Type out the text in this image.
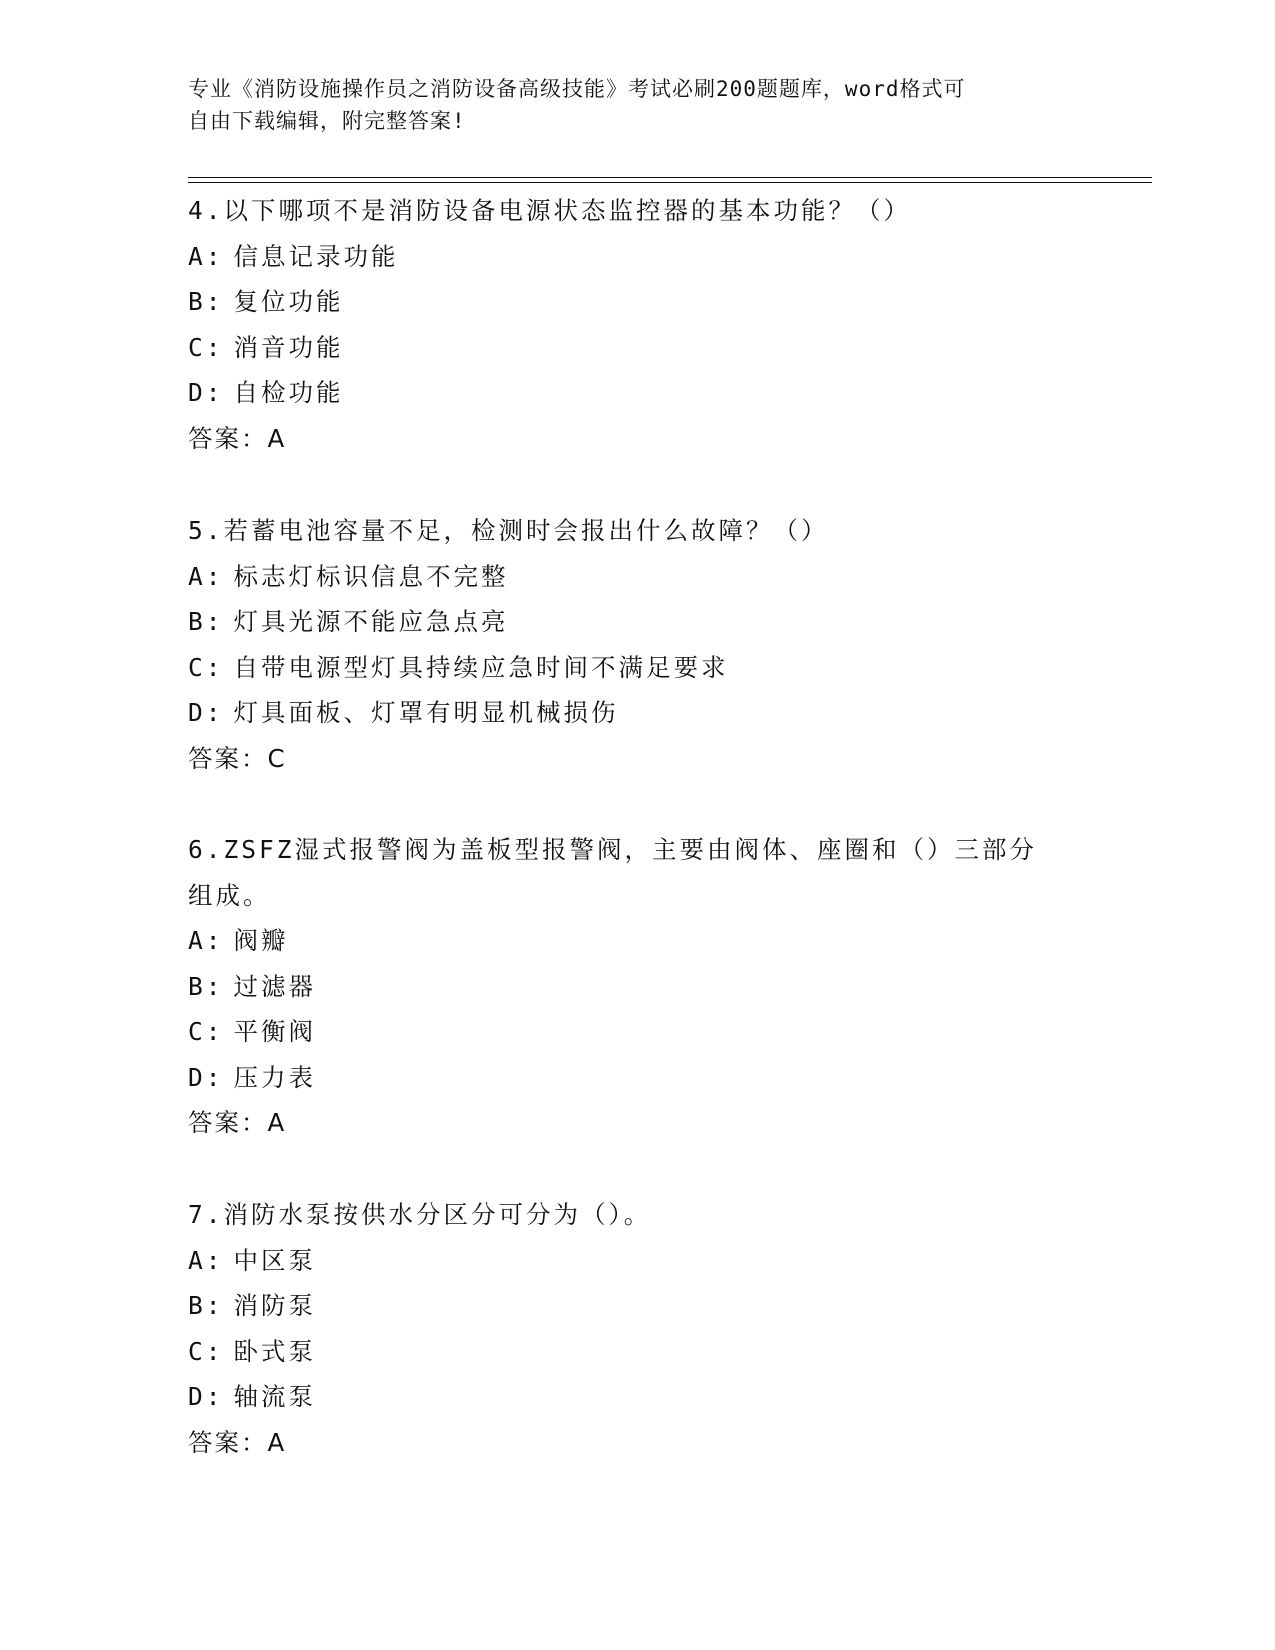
专业《消防设施操作员之消防设备高级技能》考试必刷200题题库，word格式可
自由下载编辑，附完整答案!
4.以下哪项不是消防设备电源状态监控器的基本功能？（）
A: 信息记录功能
B: 复位功能
C: 消音功能
D: 自检功能
答案：A
5.若蓄电池容量不足，检测时会报出什么故障？（）
A: 标志灯标识信息不完整
B: 灯具光源不能应急点亮
C: 自带电源型灯具持续应急时间不满足要求
D: 灯具面板、灯罩有明显机械损伤
答案：C
6.ZSFZ湿式报警阀为盖板型报警阀，主要由阀体、座圈和（）三部分
组成。
A: 阀瓣
B: 过滤器
C: 平衡阀
D: 压力表
答案：A
7.消防水泵按供水分区分可分为（）。
A: 中区泵
B: 消防泵
C: 卧式泵
D: 轴流泵
答案：A
